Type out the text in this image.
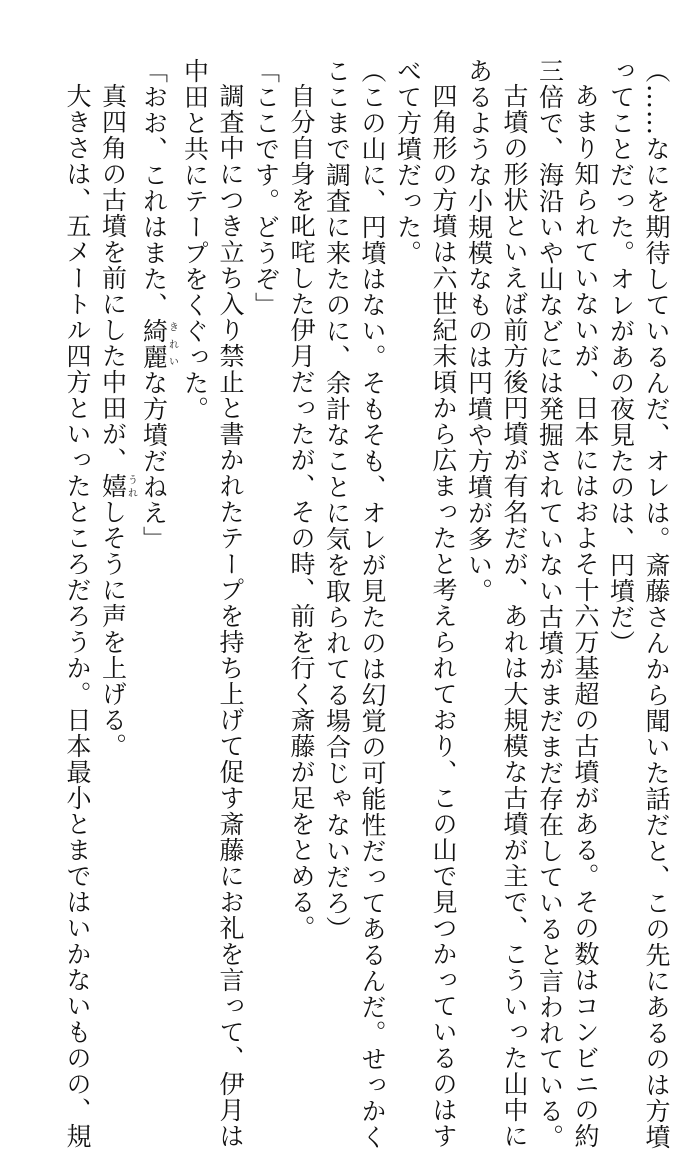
（……なにを期待しているんだ、オレは。斎藤さんから聞いた話だと、この先にあるのは方墳
ってことだった。オレがあの夜見たのは、円墳だ）
あまり知られていないが、日本にはおよそ十六万基超の古墳がある。その数はコンビニの約
三倍で、海沿いや山などには発掘されていない古墳がまだまだ存在していると言われている。
古墳の形状といえば前方後円墳が有名だが、あれは大規模な古墳が主で、こういった山中に
あるような小規模なものは円墳や方墳が多い。
四角形の方墳は六世紀末頃から広まったと考えられており、この山で見つかっているのはす
べて方墳だった。
（この山に、円墳はない。そもそも、オレが見たのは幻覚の可能性だってあるんだ。せっかく
ここまで調査に来たのに、余計なことに気を取られてる場合じゃないだろ）
自分自身を叱咤した伊月だったが、その時、前を行く斎藤が足をとめる。
「ここです。どうぞ」
調査中につき立ち入り禁止と書かれたテープを持ち上げて促す斎藤にお礼を言って、伊月は
中田と共にテープをくぐった。
「おお、これはまた、綺麗きれいな方墳だねえ」
真四角の古墳を前にした中田が、嬉うれしそうに声を上げる。
大きさは、五メートル四方といったところだろうか。日本最小とまではいかないものの、規
